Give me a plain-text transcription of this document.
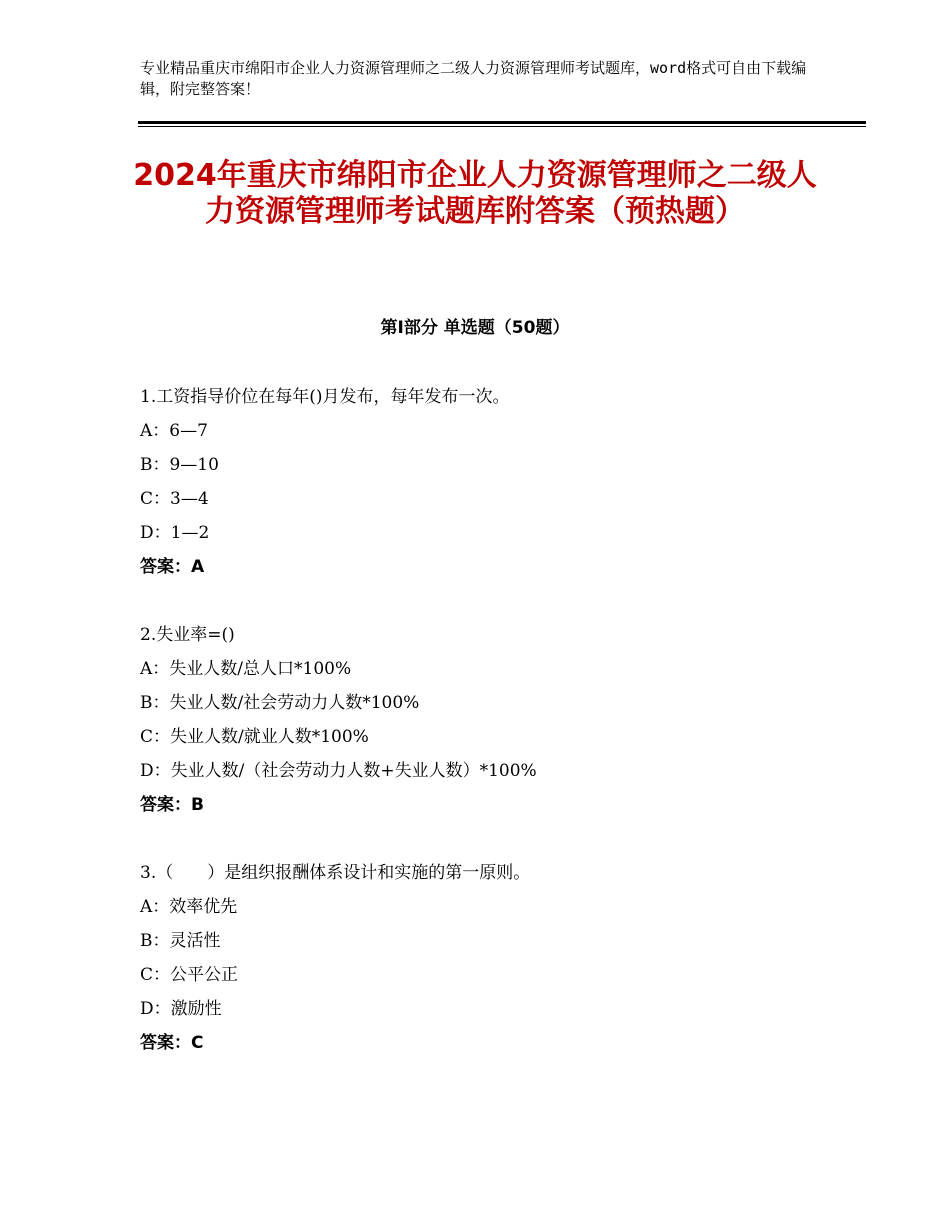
专业精品重庆市绵阳市企业人力资源管理师之二级人力资源管理师考试题库，word格式可自由下载编辑，附完整答案！
2024年重庆市绵阳市企业人力资源管理师之二级人力资源管理师考试题库附答案（预热题）
第Ⅰ部分 单选题（50题）
1.工资指导价位在每年()月发布，每年发布一次。
A：6—7
B：9—10
C：3—4
D：1—2
答案：A
2.失业率=()
A：失业人数/总人口*100%
B：失业人数/社会劳动力人数*100%
C：失业人数/就业人数*100%
D：失业人数/（社会劳动力人数+失业人数）*100%
答案：B
3.（　　）是组织报酬体系设计和实施的第一原则。
A：效率优先
B：灵活性
C：公平公正
D：激励性
答案：C
